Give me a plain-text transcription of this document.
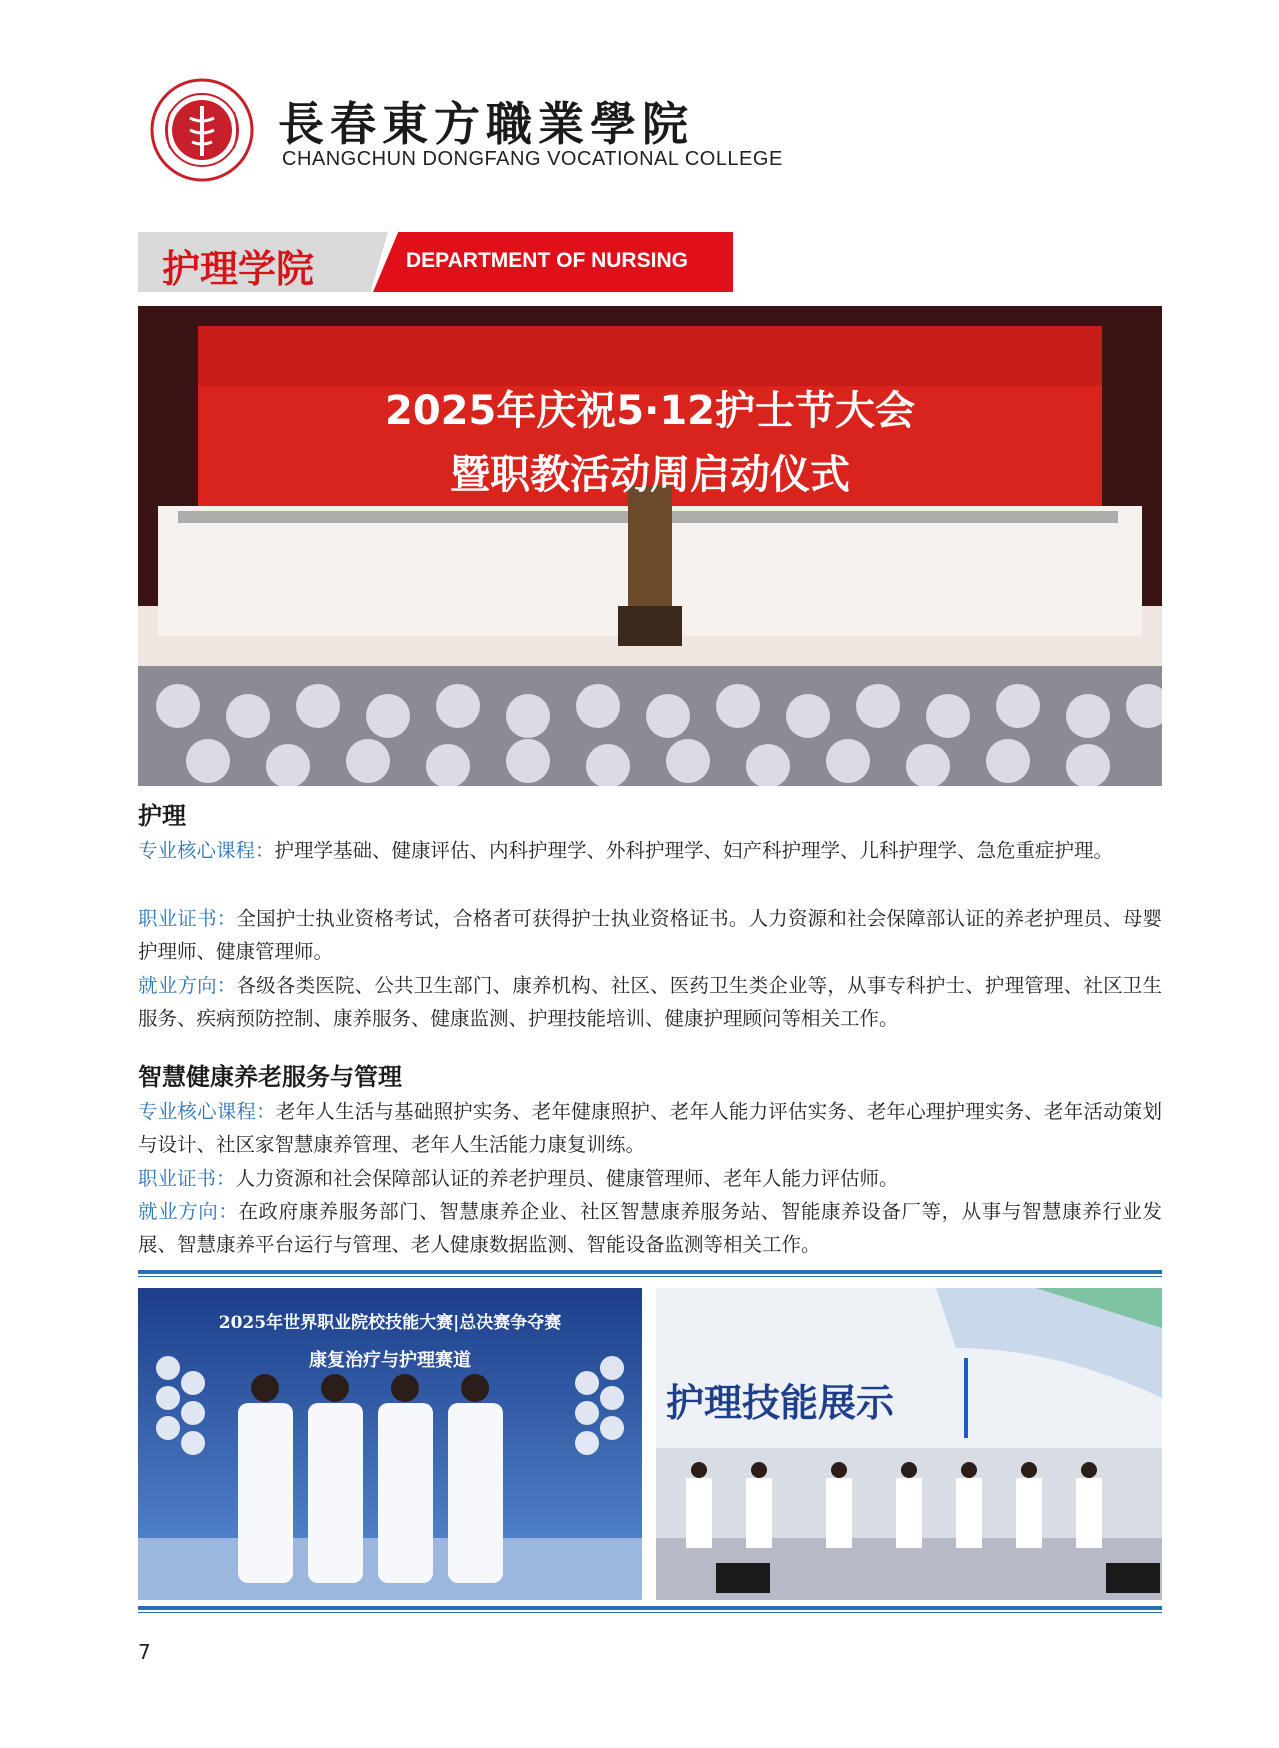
長春東方職業學院
CHANGCHUN DONGFANG VOCATIONAL COLLEGE
护理学院	DEPARTMENT OF NURSING
2025年庆祝5·12护士节大会
暨职教活动周启动仪式
护理
专业核心课程：护理学基础、健康评估、内科护理学、外科护理学、妇产科护理学、儿科护理学、急危重症护理。
职业证书：全国护士执业资格考试，合格者可获得护士执业资格证书。人力资源和社会保障部认证的养老护理员、母婴护理师、健康管理师。
就业方向：各级各类医院、公共卫生部门、康养机构、社区、医药卫生类企业等，从事专科护士、护理管理、社区卫生服务、疾病预防控制、康养服务、健康监测、护理技能培训、健康护理顾问等相关工作。
智慧健康养老服务与管理
专业核心课程：老年人生活与基础照护实务、老年健康照护、老年人能力评估实务、老年心理护理实务、老年活动策划与设计、社区家智慧康养管理、老年人生活能力康复训练。
职业证书：人力资源和社会保障部认证的养老护理员、健康管理师、老年人能力评估师。
就业方向：在政府康养服务部门、智慧康养企业、社区智慧康养服务站、智能康养设备厂等，从事与智慧康养行业发展、智慧康养平台运行与管理、老人健康数据监测、智能设备监测等相关工作。
2025年世界职业院校技能大赛|总决赛争夺赛
康复治疗与护理赛道
护理技能展示
7
